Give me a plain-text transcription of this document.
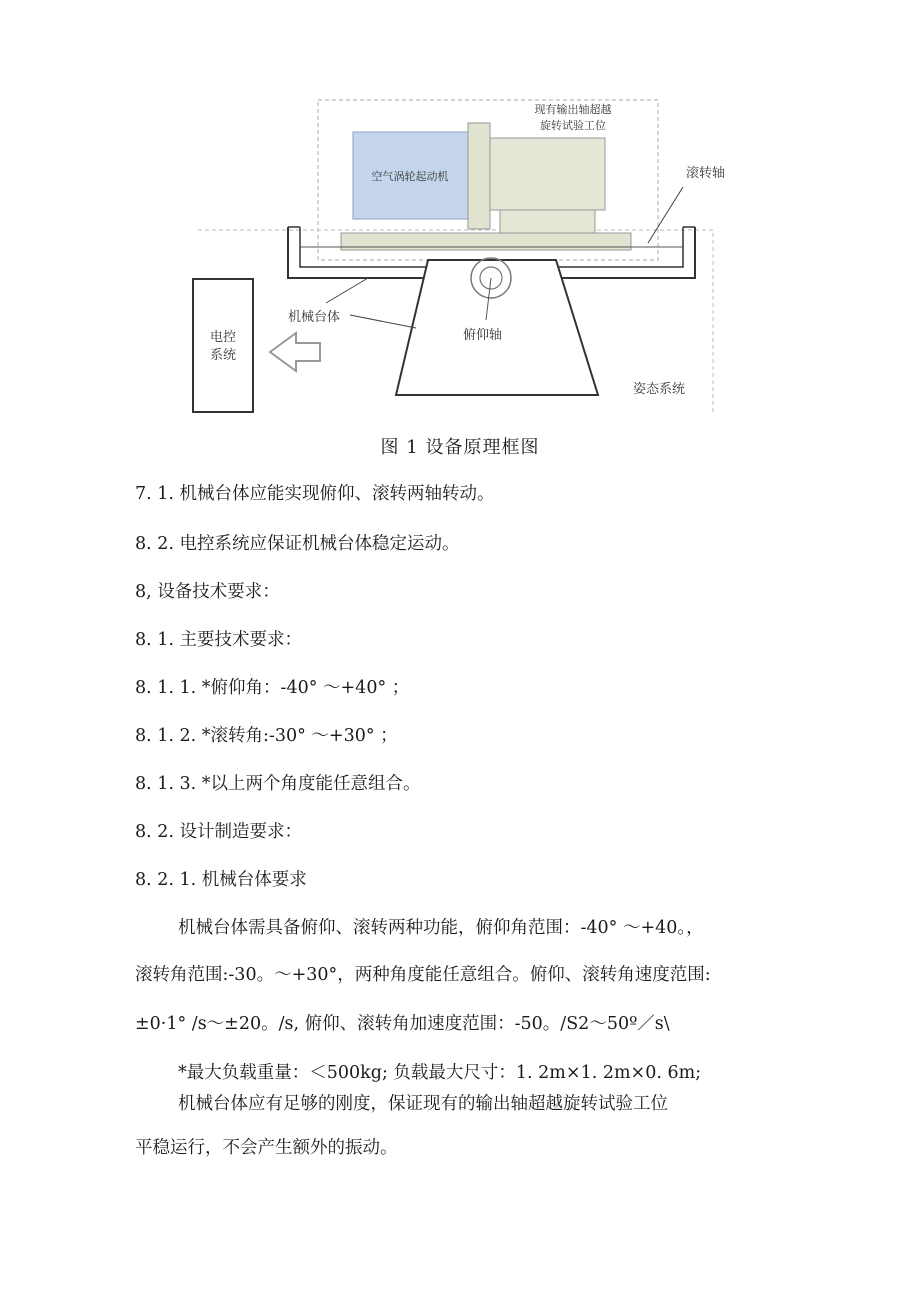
空气涡轮起动机
现有输出轴超越
旋转试验工位
滚转轴
俯仰轴
机械台体
电控
系统
姿态系统
图 1 设备原理框图
7. 1. 机械台体应能实现俯仰、滚转两轴转动。
8. 2. 电控系统应保证机械台体稳定运动。
8, 设备技术要求：
8. 1. 主要技术要求：
8. 1. 1. *俯仰角：-40° ～+40° ；
8. 1. 2. *滚转角:-30° ～+30° ；
8. 1. 3. *以上两个角度能任意组合。
8. 2. 设计制造要求：
8. 2. 1. 机械台体要求
机械台体需具备俯仰、滚转两种功能，俯仰角范围：-40° ～+40。，
滚转角范围:-30。～+30°，两种角度能任意组合。俯仰、滚转角速度范围:
±0·1° /s～±20。/s, 俯仰、滚转角加速度范围：-50。/S2～50º／s\
*最大负载重量：＜500kg; 负载最大尺寸：1. 2m×1. 2m×0. 6m;
机械台体应有足够的刚度，保证现有的输出轴超越旋转试验工位
平稳运行，不会产生额外的振动。
